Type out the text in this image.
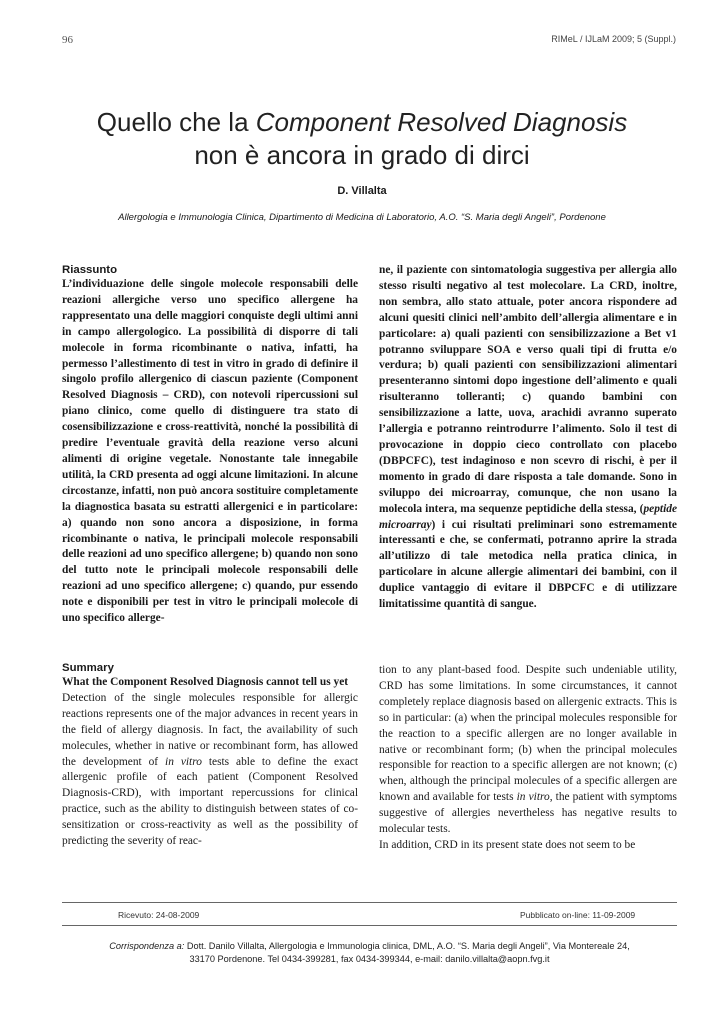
96	RIMeL / IJLaM 2009; 5 (Suppl.)
Quello che la Component Resolved Diagnosis
non è ancora in grado di dirci
D. Villalta
Allergologia e Immunologia Clinica, Dipartimento di Medicina di Laboratorio, A.O. “S. Maria degli Angeli”, Pordenone
Riassunto

L’individuazione delle singole molecole responsabili delle reazioni allergiche verso uno specifico allergene ha rappresentato una delle maggiori conquiste degli ultimi anni in campo allergologico. La possibilità di disporre di tali molecole in forma ricombinante o nativa, infatti, ha permesso l’allestimento di test in vitro in grado di definire il singolo profilo allergenico di ciascun paziente (Component Resolved Diagnosis – CRD), con notevoli ripercussioni sul piano clinico, come quello di distinguere tra stato di cosensibilizzazione e cross-reattività, nonché la possibilità di predire l’eventuale gravità della reazione verso alcuni alimenti di origine vegetale. Nonostante tale innegabile utilità, la CRD presenta ad oggi alcune limitazioni. In alcune circostanze, infatti, non può ancora sostituire completamente la diagnostica basata su estratti allergenici e in particolare: a) quando non sono ancora a disposizione, in forma ricombinante o nativa, le principali molecole responsabili delle reazioni ad uno specifico allergene; b) quando non sono del tutto note le principali molecole responsabili delle reazioni ad uno specifico allergene; c) quando, pur essendo note e disponibili per test in vitro le principali molecole di uno specifico allerge-

ne, il paziente con sintomatologia suggestiva per allergia allo stesso risulti negativo al test molecolare. La CRD, inoltre, non sembra, allo stato attuale, poter ancora rispondere ad alcuni quesiti clinici nell’ambito dell’allergia alimentare e in particolare: a) quali pazienti con sensibilizzazione a Bet v1 potranno sviluppare SOA e verso quali tipi di frutta e/o verdura; b) quali pazienti con sensibilizzazioni alimentari presenteranno sintomi dopo ingestione dell’alimento e quali risulteranno tolleranti; c) quando bambini con sensibilizzazione a latte, uova, arachidi avranno superato l’allergia e potranno reintrodurre l’alimento. Solo il test di provocazione in doppio cieco controllato con placebo (DBPCFC), test indaginoso e non scevro di rischi, è per il momento in grado di dare risposta a tale domande. Sono in sviluppo dei microarray, comunque, che non usano la molecola intera, ma sequenze peptidiche della stessa, (peptide microarray) i cui risultati preliminari sono estremamente interessanti e che, se confermati, potranno aprire la strada all’utilizzo di tale metodica nella pratica clinica, in particolare in alcune allergie alimentari dei bambini, con il duplice vantaggio di evitare il DBPCFC e di utilizzare limitatissime quantità di sangue.

Summary

What the Component Resolved Diagnosis cannot tell us yet

Detection of the single molecules responsible for allergic reactions represents one of the major advances in recent years in the field of allergy diagnosis. In fact, the availability of such molecules, whether in native or recombinant form, has allowed the development of in vitro tests able to define the exact allergenic profile of each patient (Component Resolved Diagnosis-CRD), with important repercussions for clinical practice, such as the ability to distinguish between states of co-sensitization or cross-reactivity as well as the possibility of predicting the severity of reac-

tion to any plant-based food. Despite such undeniable utility, CRD has some limitations. In some circumstances, it cannot completely replace diagnosis based on allergenic extracts. This is so in particular: (a) when the principal molecules responsible for the reaction to a specific allergen are no longer available in native or recombinant form; (b) when the principal molecules responsible for reaction to a specific allergen are not known; (c) when, although the principal molecules of a specific allergen are known and available for tests in vitro, the patient with symptoms suggestive of allergies nevertheless has negative results to molecular tests.

In addition, CRD in its present state does not seem to be

Ricevuto: 24-08-2009	Pubblicato on-line: 11-09-2009
Corrispondenza a: Dott. Danilo Villalta, Allergologia e Immunologia clinica, DML, A.O. “S. Maria degli Angeli”, Via Montereale 24,
33170 Pordenone. Tel 0434-399281, fax 0434-399344, e-mail: danilo.villalta@aopn.fvg.it
